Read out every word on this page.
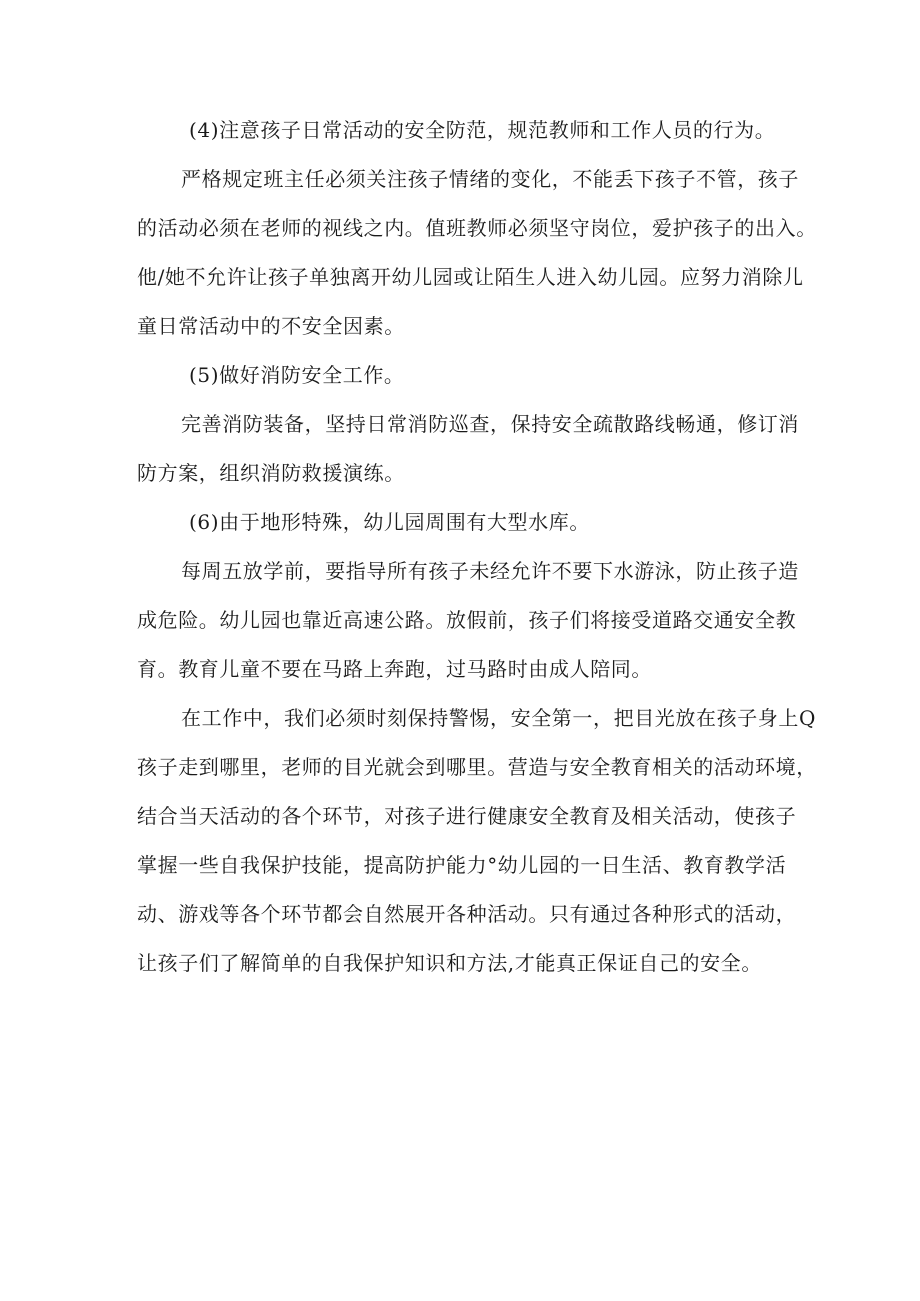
(4)注意孩子日常活动的安全防范，规范教师和工作人员的行为。
严格规定班主任必须关注孩子情绪的变化，不能丢下孩子不管，孩子
的活动必须在老师的视线之内。值班教师必须坚守岗位，爱护孩子的出入。
他/她不允许让孩子单独离开幼儿园或让陌生人进入幼儿园。应努力消除儿
童日常活动中的不安全因素。
(5)做好消防安全工作。
完善消防装备，坚持日常消防巡查，保持安全疏散路线畅通，修订消
防方案，组织消防救援演练。
(6)由于地形特殊，幼儿园周围有大型水库。
每周五放学前，要指导所有孩子未经允许不要下水游泳，防止孩子造
成危险。幼儿园也靠近高速公路。放假前，孩子们将接受道路交通安全教
育。教育儿童不要在马路上奔跑，过马路时由成人陪同。
在工作中，我们必须时刻保持警惕，安全第一，把目光放在孩子身上Q
孩子走到哪里，老师的目光就会到哪里。营造与安全教育相关的活动环境，
结合当天活动的各个环节，对孩子进行健康安全教育及相关活动，使孩子
掌握一些自我保护技能，提高防护能力°幼儿园的一日生活、教育教学活
动、游戏等各个环节都会自然展开各种活动。只有通过各种形式的活动，
让孩子们了解简单的自我保护知识和方法,才能真正保证自己的安全。
